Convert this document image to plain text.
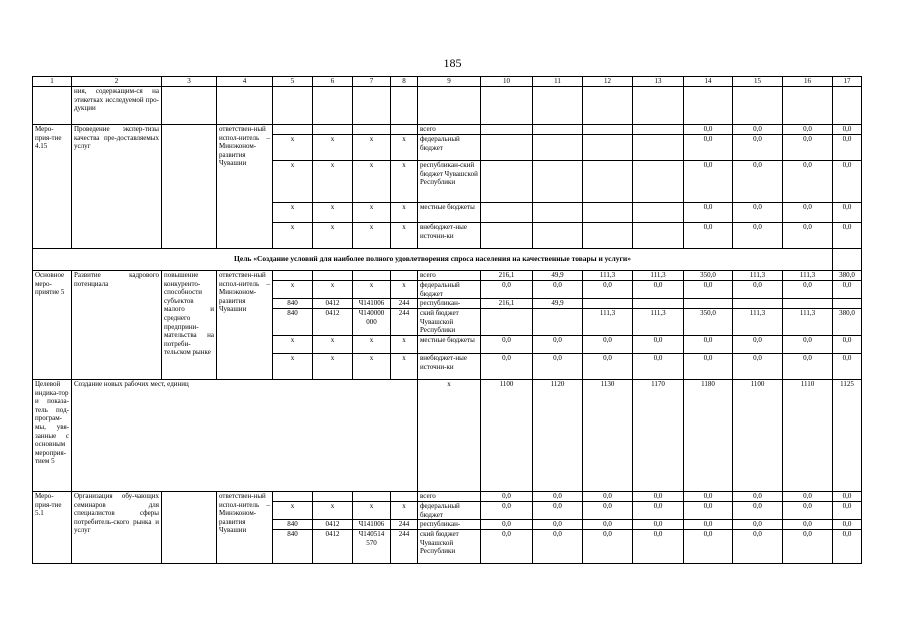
185
1	2	3	4	5	6	7	8	9	10	11	12	13	14	15	16	17
	ния, содержащим-ся на этикетках исследуемой про-дукции															
Меро-прия-тие 4.15	Проведение экспер-тизы качества пре-доставляемых услуг		ответствен-ный испол-нитель – Минэконом-развития Чувашии					всего					0,0	0,0	0,0	0,0
				x	x	x	x	федеральный бюджет					0,0	0,0	0,0	0,0
				x	x	x	x	республикан-ский бюджет Чувашской Республики					0,0	0,0	0,0	0,0
				x	x	x	x	местные бюджеты					0,0	0,0	0,0	0,0
				x	x	x	x	внебюджет-ные источни-ки					0,0	0,0	0,0	0,0
Цель «Создание условий для наиболее полного удовлетворения спроса населения на качественные товары и услуги»																
Основное меро-приятие 5	Развитие кадрового потенциала	повышение конкуренто-способности субъектов малого и среднего предприни-мательства на потреби-тельском рынке	ответствен-ный испол-нитель – Минэконом-развития Чувашии					всего	216,1	49,9	111,3	111,3	350,0	111,3	111,3	380,0
				x	x	x	x	федеральный бюджет	0,0	0,0	0,0	0,0	0,0	0,0	0,0	0,0
				840	0412	Ч141006	244	республикан-	216,1	49,9						
				840	0412	Ч140000 000	244	ский бюджет Чувашской Республики			111,3	111,3	350,0	111,3	111,3	380,0
				x	x	x	x	местные бюджеты	0,0	0,0	0,0	0,0	0,0	0,0	0,0	0,0
				x	x	x	x	внебюджет-ные источни-ки	0,0	0,0	0,0	0,0	0,0	0,0	0,0	0,0
Целевой индика-тор и показа-тель под-програм-мы, увя-занные с основным мероприя-тием 5	Создание новых рабочих мест, единиц							x	1100	1120	1130	1170	1180	1100	1110	1125
Меро-прия-тие 5.1	Организация обу-чающих семинаров для специалистов сферы потребитель-ского рынка и услуг		ответствен-ный испол-нитель – Минэконом-развития Чувашии					всего	0,0	0,0	0,0	0,0	0,0	0,0	0,0	0,0
				x	x	x	x	федеральный бюджет	0,0	0,0	0,0	0,0	0,0	0,0	0,0	0,0
				840	0412	Ч141006	244	республикан-	0,0	0,0	0,0	0,0	0,0	0,0	0,0	0,0
				840	0412	Ч140514 570	244	ский бюджет Чувашской Республики	0,0	0,0	0,0	0,0	0,0	0,0	0,0	0,0
